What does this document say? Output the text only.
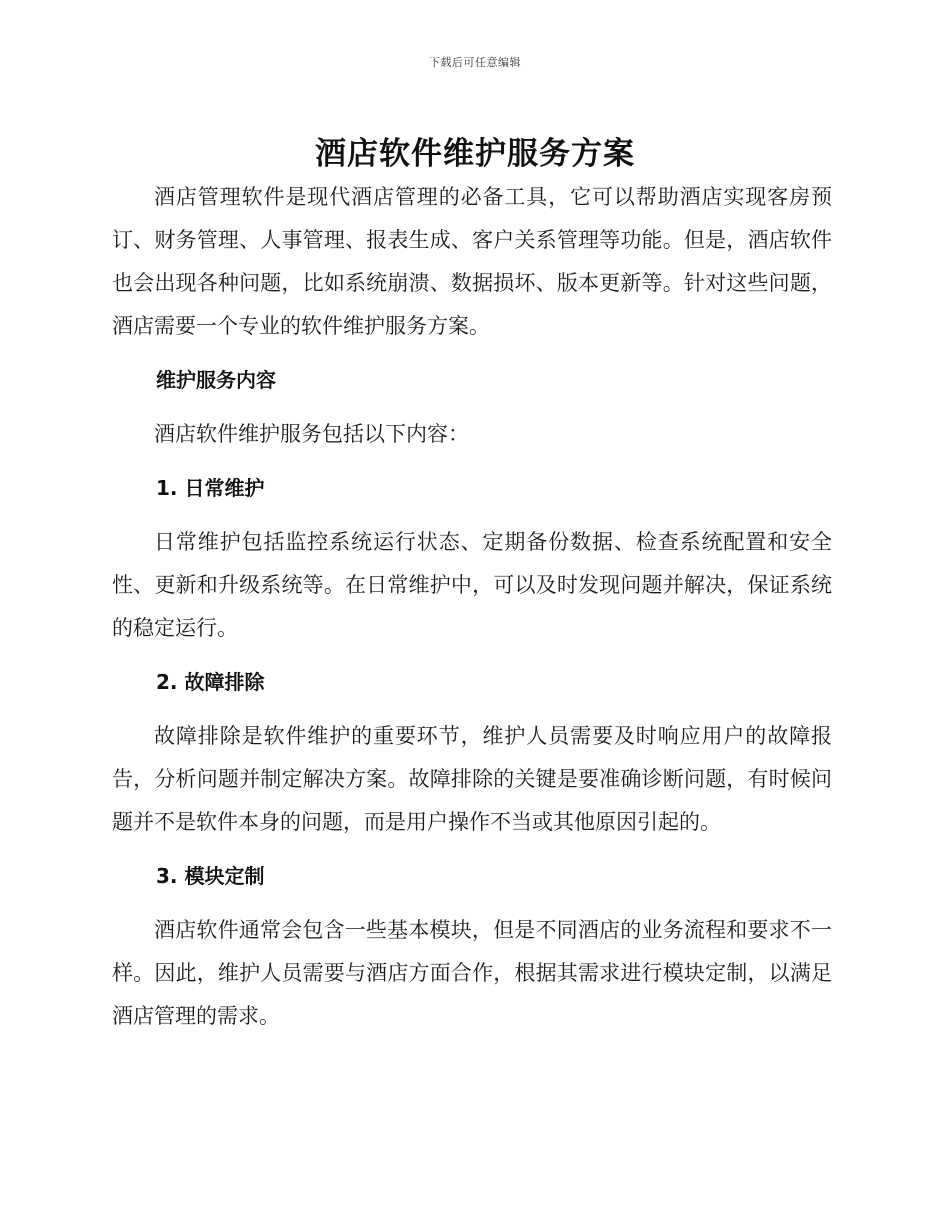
下载后可任意编辑
酒店软件维护服务方案

酒店管理软件是现代酒店管理的必备工具，它可以帮助酒店实现客房预订、财务管理、人事管理、报表生成、客户关系管理等功能。但是，酒店软件也会出现各种问题，比如系统崩溃、数据损坏、版本更新等。针对这些问题，酒店需要一个专业的软件维护服务方案。

维护服务内容

酒店软件维护服务包括以下内容：

1. 日常维护

日常维护包括监控系统运行状态、定期备份数据、检查系统配置和安全性、更新和升级系统等。在日常维护中，可以及时发现问题并解决，保证系统的稳定运行。

2. 故障排除

故障排除是软件维护的重要环节，维护人员需要及时响应用户的故障报告，分析问题并制定解决方案。故障排除的关键是要准确诊断问题，有时候问题并不是软件本身的问题，而是用户操作不当或其他原因引起的。

3. 模块定制

酒店软件通常会包含一些基本模块，但是不同酒店的业务流程和要求不一样。因此，维护人员需要与酒店方面合作，根据其需求进行模块定制，以满足酒店管理的需求。
